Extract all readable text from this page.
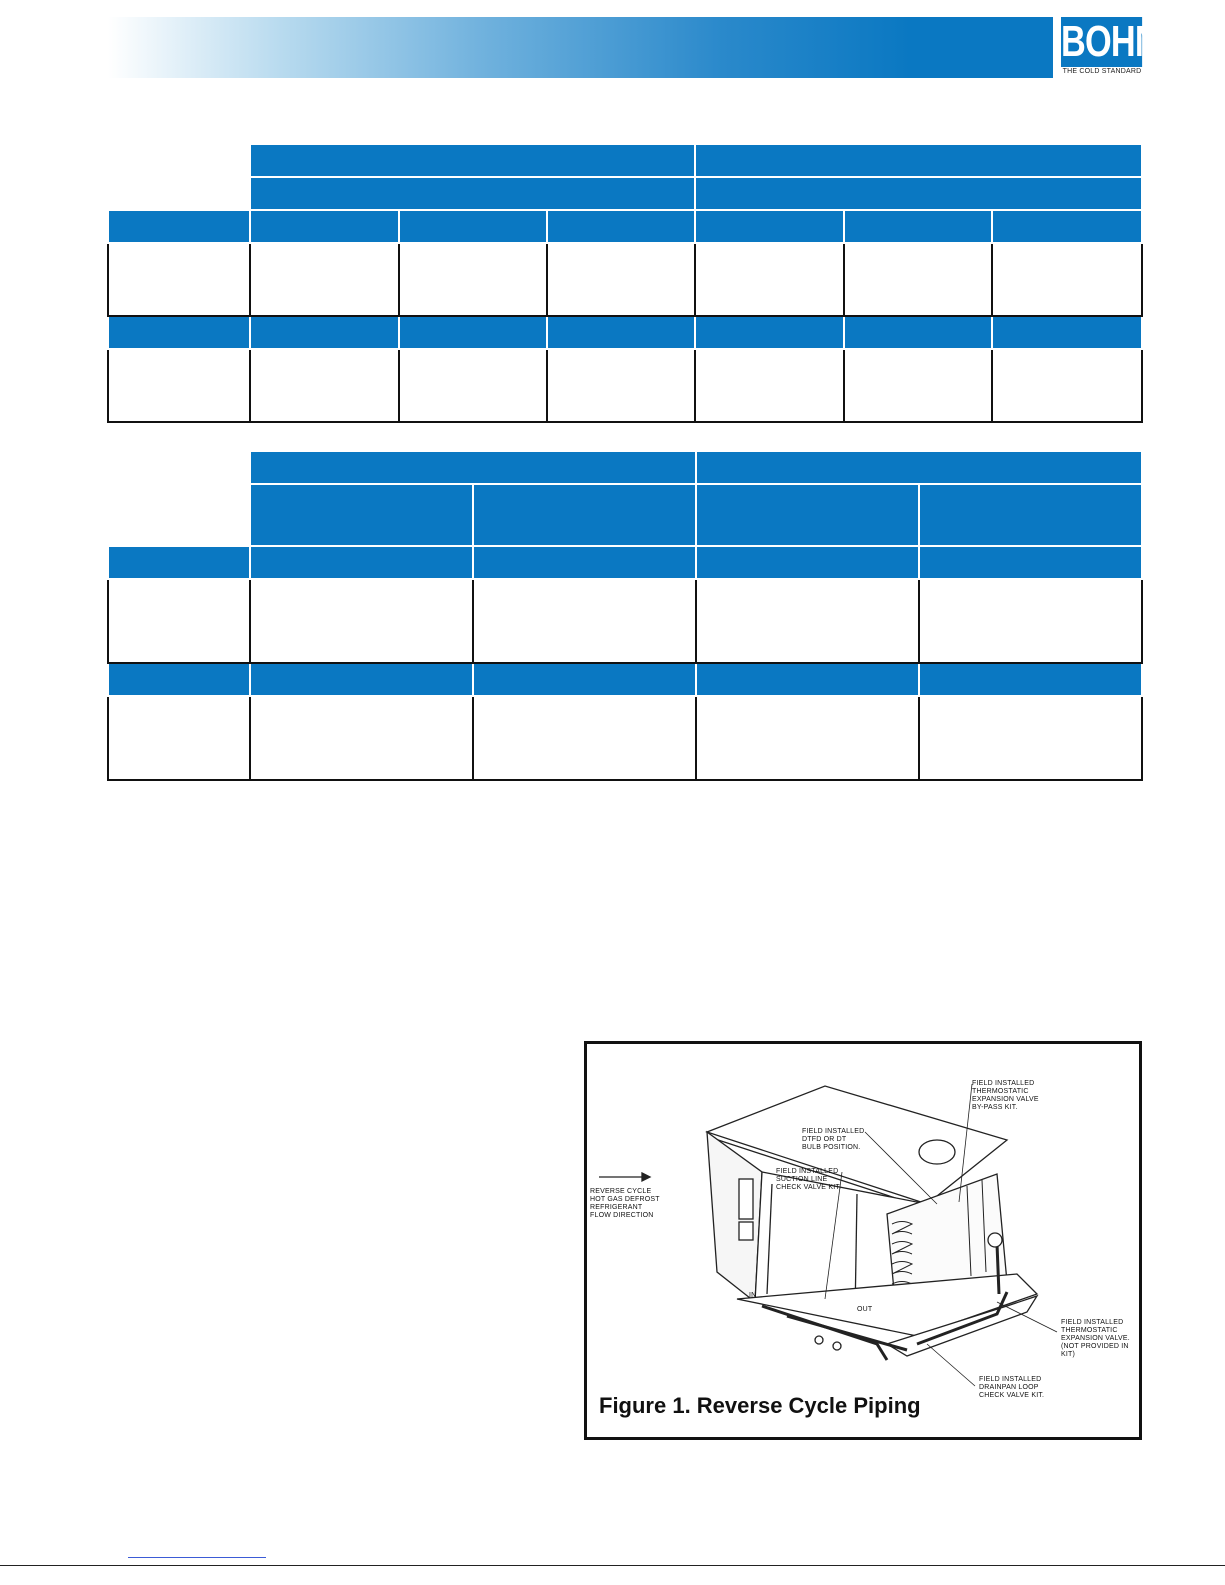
BOHN
THE COLD STANDARD

FIELD INSTALLED
THERMOSTATIC
EXPANSION VALVE
BY-PASS KIT.
FIELD INSTALLED
DTFD OR DT
BULB POSITION.
REVERSE CYCLE
HOT GAS DEFROST
REFRIGERANT
FLOW DIRECTION
FIELD INSTALLED
SUCTION LINE
CHECK VALVE KIT.
IN
OUT
FIELD INSTALLED
THERMOSTATIC
EXPANSION VALVE.
(NOT PROVIDED IN KIT)
FIELD INSTALLED
DRAINPAN LOOP
CHECK VALVE KIT.
Figure 1. Reverse Cycle Piping
